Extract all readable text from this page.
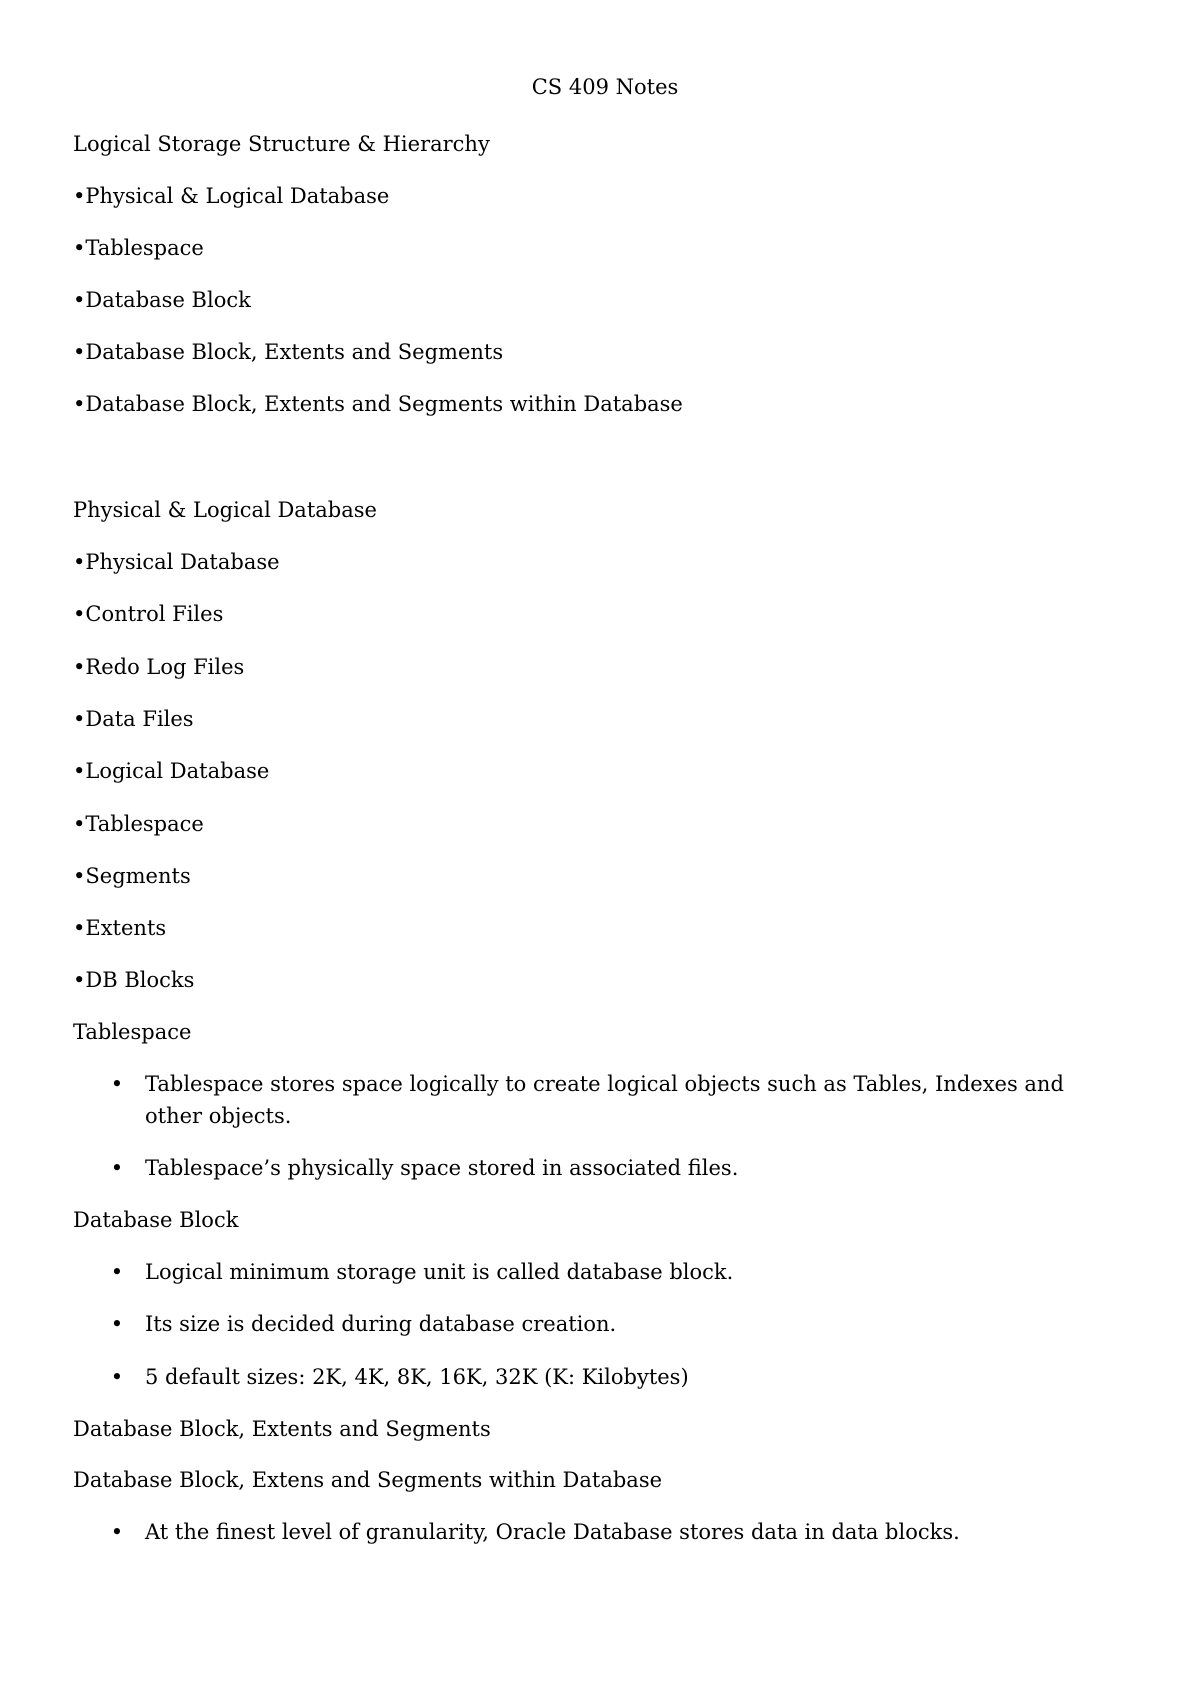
CS 409 Notes
Logical Storage Structure & Hierarchy
•Physical & Logical Database
•Tablespace
•Database Block
•Database Block, Extents and Segments
•Database Block, Extents and Segments within Database
Physical & Logical Database
•Physical Database
•Control Files
•Redo Log Files
•Data Files
•Logical Database
•Tablespace
•Segments
•Extents
•DB Blocks
Tablespace
• Tablespace stores space logically to create logical objects such as Tables, Indexes and other objects.
• Tablespace’s physically space stored in associated files.
Database Block
• Logical minimum storage unit is called database block.
• Its size is decided during database creation.
• 5 default sizes: 2K, 4K, 8K, 16K, 32K (K: Kilobytes)
Database Block, Extents and Segments
Database Block, Extens and Segments within Database
• At the finest level of granularity, Oracle Database stores data in data blocks.
